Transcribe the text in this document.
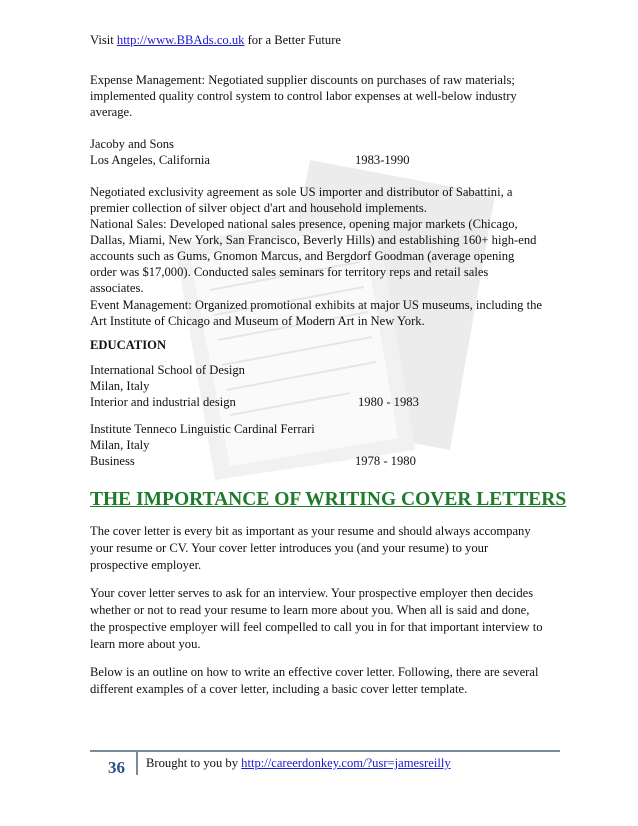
Visit http://www.BBAds.co.uk for a Better Future
Expense Management: Negotiated supplier discounts on purchases of raw materials;
implemented quality control system to control labor expenses at well-below industry
average.
Jacoby and Sons
Los Angeles, California	1983-1990
Negotiated exclusivity agreement as sole US importer and distributor of Sabattini, a
premier collection of silver object d'art and household implements.
National Sales: Developed national sales presence, opening major markets (Chicago,
Dallas, Miami, New York, San Francisco, Beverly Hills) and establishing 160+ high-end
accounts such as Gums, Gnomon Marcus, and Bergdorf Goodman (average opening
order was $17,000). Conducted sales seminars for territory reps and retail sales
associates.
Event Management: Organized promotional exhibits at major US museums, including the
Art Institute of Chicago and Museum of Modern Art in New York.
EDUCATION
International School of Design
Milan, Italy
Interior and industrial design	1980 - 1983
Institute Tenneco Linguistic Cardinal Ferrari
Milan, Italy
Business	1978 - 1980
THE IMPORTANCE OF WRITING COVER LETTERS
The cover letter is every bit as important as your resume and should always accompany
your resume or CV. Your cover letter introduces you (and your resume) to your
prospective employer.
Your cover letter serves to ask for an interview. Your prospective employer then decides
whether or not to read your resume to learn more about you. When all is said and done,
the prospective employer will feel compelled to call you in for that important interview to
learn more about you.
Below is an outline on how to write an effective cover letter. Following, there are several
different examples of a cover letter, including a basic cover letter template.
36 Brought to you by http://careerdonkey.com/?usr=jamesreilly
